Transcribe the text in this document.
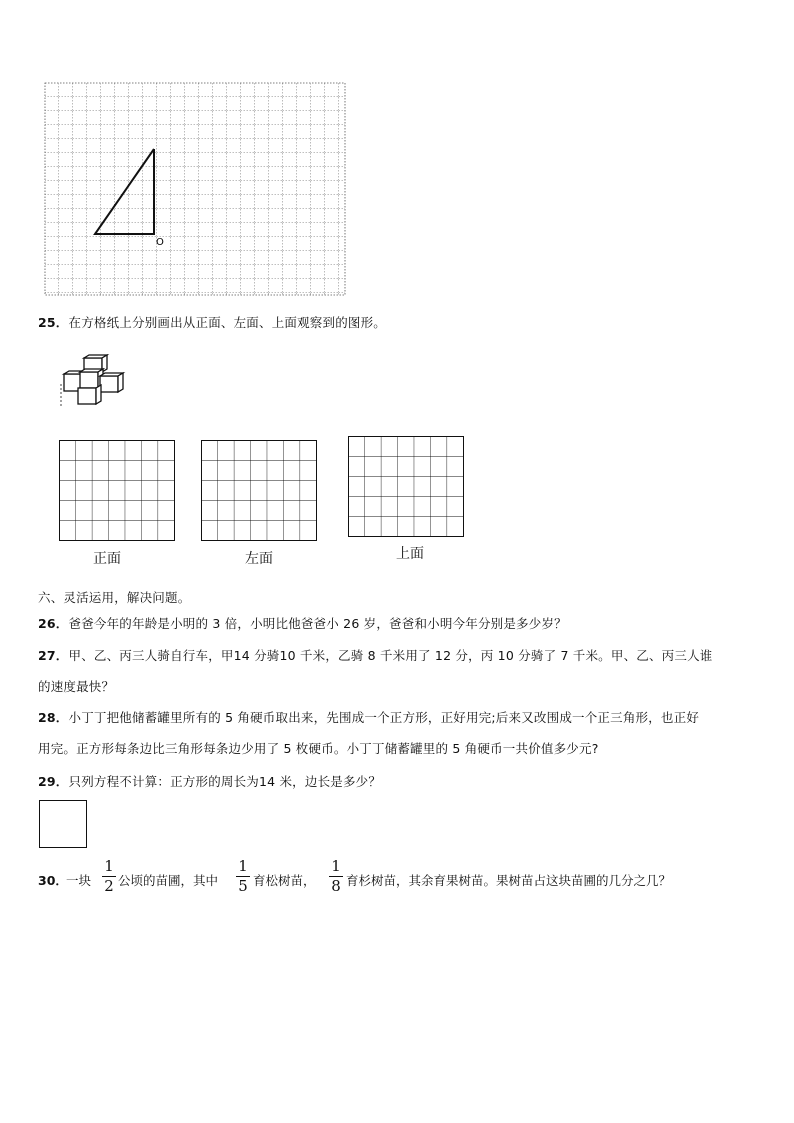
O
25．在方格纸上分别画出从正面、左面、上面观察到的图形。
正面	左面	上面
六、灵活运用，解决问题。
26．爸爸今年的年龄是小明的 3 倍，小明比他爸爸小 26 岁，爸爸和小明今年分别是多少岁？
27．甲、乙、丙三人骑自行车，甲14 分骑10 千米，乙骑 8 千米用了 12 分，丙 10 分骑了 7 千米。甲、乙、丙三人谁
的速度最快？
28．小丁丁把他储蓄罐里所有的 5 角硬币取出来，先围成一个正方形，正好用完;后来又改围成一个正三角形，也正好
用完。正方形每条边比三角形每条边少用了 5 枚硬币。小丁丁储蓄罐里的 5 角硬币一共价值多少元?
29．只列方程不计算：正方形的周长为14 米，边长是多少？
30．
一块
1
2 公顷的苗圃，其中
1
5 育松树苗，
1
8 育杉树苗，其余育果树苗。果树苗占这块苗圃的几分之几？
